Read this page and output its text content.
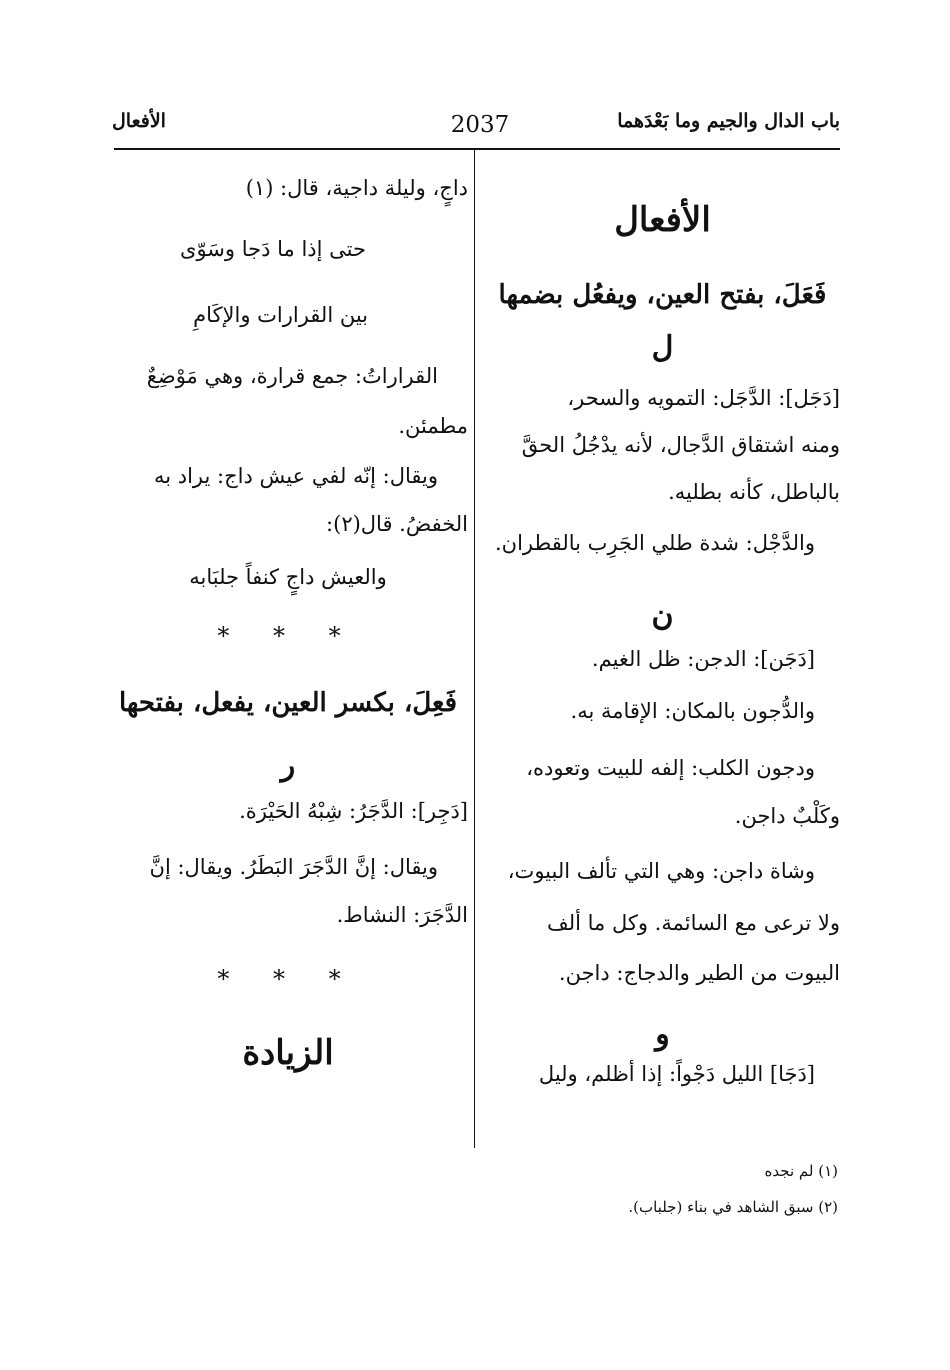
باب الدال والجيم وما بَعْدَهما
2037
الأفعال

الأفعال

فَعَلَ، بفتح العين، ويفعُل بضمها

ل

[دَجَل]: الدَّجَل: التمويه والسحر،

ومنه اشتقاق الدَّجال، لأنه يدْجُلُ الحقَّ

بالباطل، كأنه بطليه.

والدَّجْل: شدة طلي الجَرِب بالقطران.

ن

[دَجَن]: الدجن: ظل الغيم.

والدُّجون بالمكان: الإقامة به.

ودجون الكلب: إلفه للبيت وتعوده،

وكَلْبٌ داجن.

وشاة داجن: وهي التي تألف البيوت،

ولا ترعى مع السائمة. وكل ما ألف

البيوت من الطير والدجاج: داجن.

و

[دَجَا] الليل دَجْواً: إذا أظلم، وليل

داجٍ، وليلة داجية، قال: (١)

حتى إذا ما دَجا وسَوّى

بين القرارات والإكَامِ

القراراتُ: جمع قرارة، وهي مَوْضِعٌ

مطمئن.

ويقال: إنّه لفي عيش داج: يراد به

الخفضُ. قال(٢):

والعيش داجٍ كنفاً جلبَابه

* * *

فَعِلَ، بكسر العين، يفعل، بفتحها

ر

[دَجِر]: الدَّجَرُ: شِبْهُ الحَيْرَة.

ويقال: إنَّ الدَّجَرَ البَطَرُ. ويقال: إنَّ

الدَّجَرَ: النشاط.

* * *

الزيادة

(١) لم نجده
(٢) سبق الشاهد في بناء (جلباب).
